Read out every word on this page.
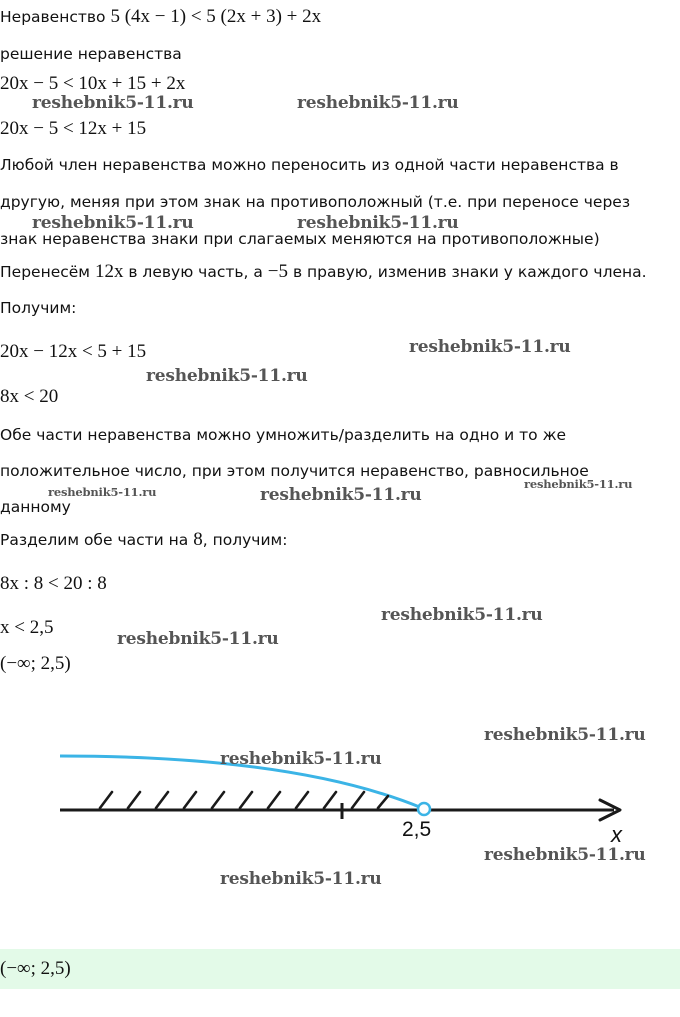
Неравенство 5 (4x − 1) < 5 (2x + 3) + 2x
решение неравенства
20x − 5 < 10x + 15 + 2x
20x − 5 < 12x + 15
Любой член неравенства можно переносить из одной части неравенства в
другую, меняя при этом знак на противоположный (т.е. при переносе через
знак неравенства знаки при слагаемых меняются на противоположные)
Перенесём 12x в левую часть, а −5 в правую, изменив знаки у каждого члена.
Получим:
20x − 12x < 5 + 15
8x < 20
Обе части неравенства можно умножить/разделить на одно и то же
положительное число, при этом получится неравенство, равносильное
данному
Разделим обе части на 8, получим:
8x : 8 < 20 : 8
x < 2,5
(−∞; 2,5)
2,5	x
(−∞; 2,5)
reshebnik5-11.ru	reshebnik5-11.ru
reshebnik5-11.ru	reshebnik5-11.ru
reshebnik5-11.ru
reshebnik5-11.ru
reshebnik5-11.ru	reshebnik5-11.ru
reshebnik5-11.ru
reshebnik5-11.ru
reshebnik5-11.ru
reshebnik5-11.ru
reshebnik5-11.ru
reshebnik5-11.ru
reshebnik5-11.ru
